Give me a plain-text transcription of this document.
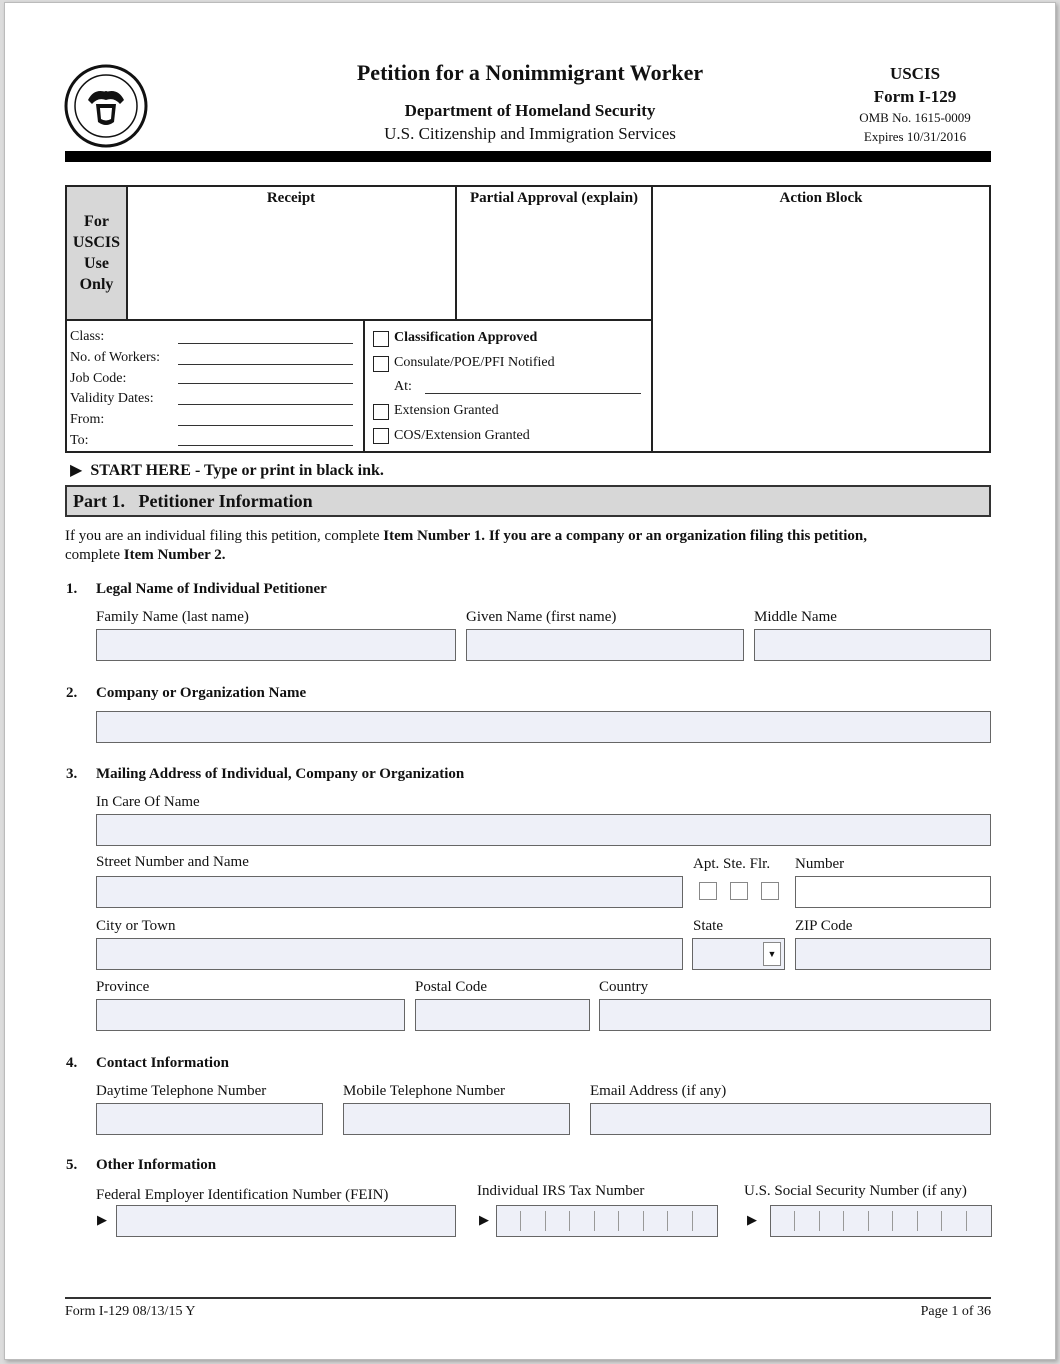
Petition for a Nonimmigrant Worker
Department of Homeland Security
U.S. Citizenship and Immigration Services
USCIS
Form I-129
OMB No. 1615-0009
Expires 10/31/2016
For
USCIS
Use
Only
Receipt	Partial Approval (explain)	Action Block
Class:
No. of Workers:
Job Code:
Validity Dates:
From:
To:
Classification Approved
Consulate/POE/PFI Notified
At:
Extension Granted
COS/Extension Granted
▶ START HERE - Type or print in black ink.
Part 1. Petitioner Information
If you are an individual filing this petition, complete Item Number 1. If you are a company or an organization filing this petition,
complete Item Number 2.
1. Legal Name of Individual Petitioner
Family Name (last name)	Given Name (first name)	Middle Name
2. Company or Organization Name
3. Mailing Address of Individual, Company or Organization
In Care Of Name
Street Number and Name	Apt. Ste. Flr. Number
City or Town	State	ZIP Code
▼
Province	Postal Code	Country
4. Contact Information
Daytime Telephone Number	Mobile Telephone Number	Email Address (if any)
5. Other Information
Federal Employer Identification Number (FEIN)	Individual IRS Tax Number	U.S. Social Security Number (if any)
▶	▶	▶
Form I-129 08/13/15 Y	Page 1 of 36
